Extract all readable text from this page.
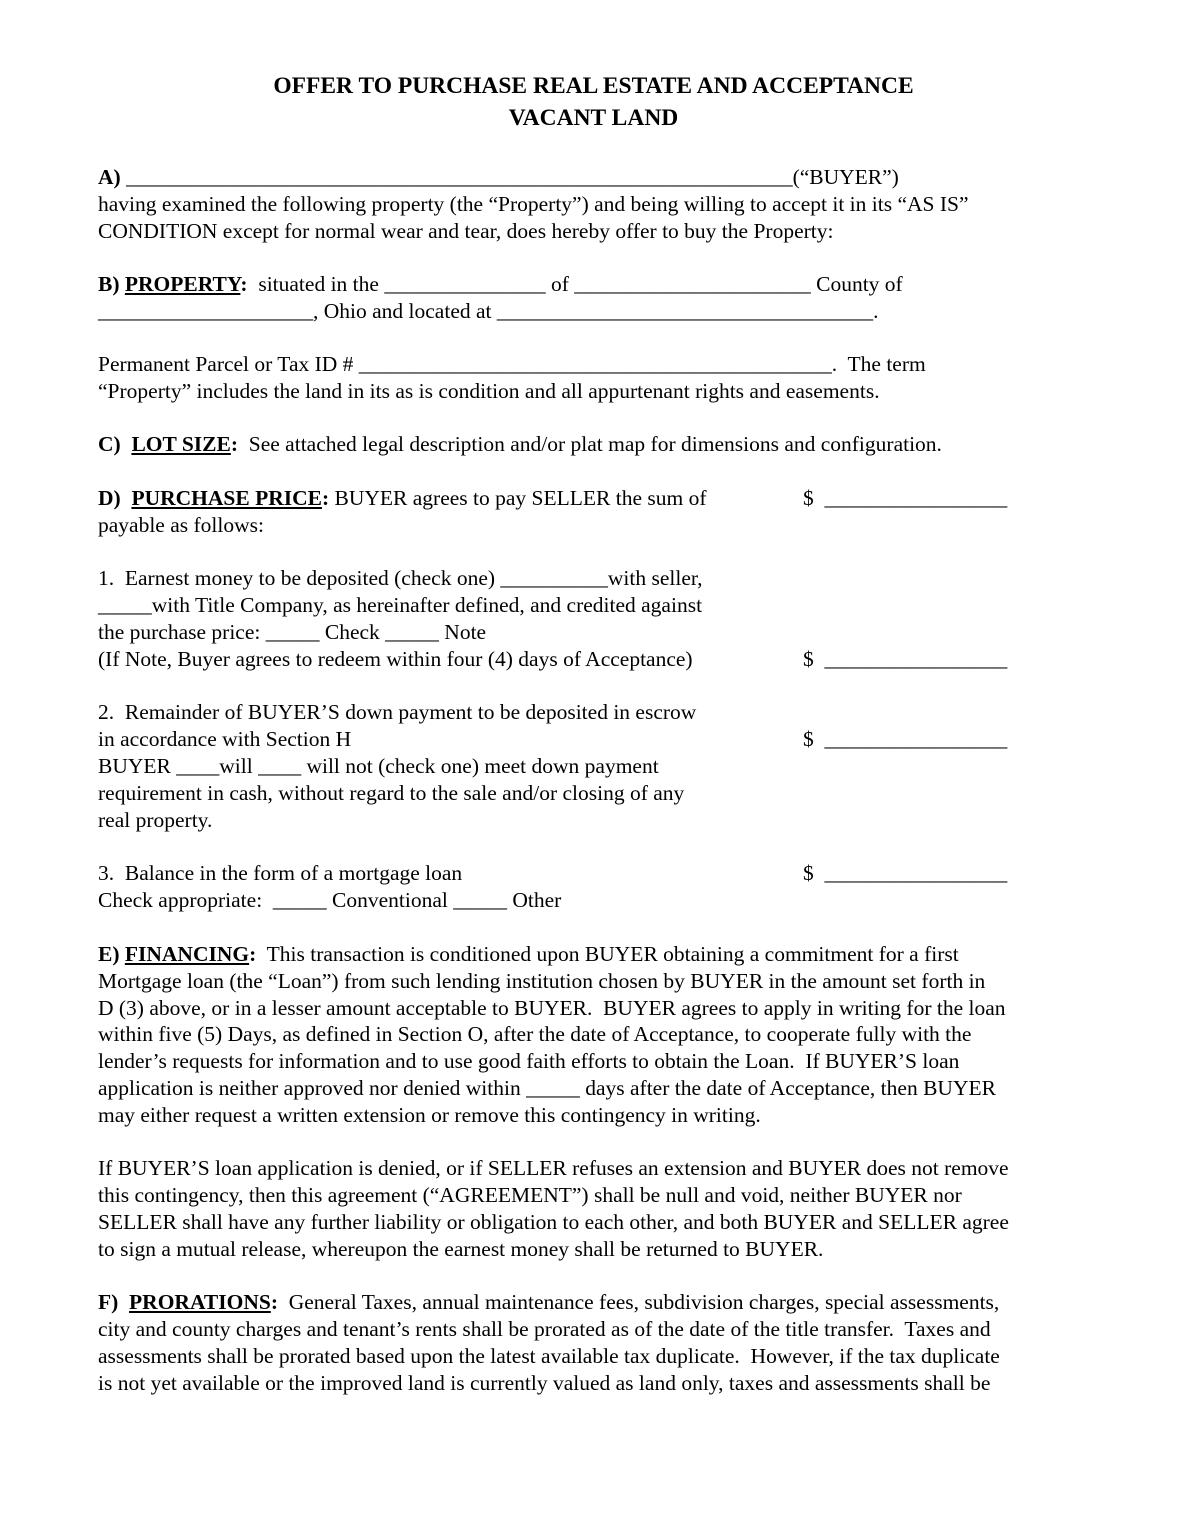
OFFER TO PURCHASE REAL ESTATE AND ACCEPTANCE
VACANT LAND
A) ______________________________________________________________(“BUYER”)
having examined the following property (the “Property”) and being willing to accept it in its “AS IS”
CONDITION except for normal wear and tear, does hereby offer to buy the Property:
B) PROPERTY:  situated in the _______________ of ______________________ County of
____________________, Ohio and located at ___________________________________.
Permanent Parcel or Tax ID # ____________________________________________.  The term
“Property” includes the land in its as is condition and all appurtenant rights and easements.
C) LOT SIZE:  See attached legal description and/or plat map for dimensions and configuration.
D) PURCHASE PRICE: BUYER agrees to pay SELLER the sum of	$  _________________
payable as follows:
1.  Earnest money to be deposited (check one) __________with seller,
_____with Title Company, as hereinafter defined, and credited against
the purchase price: _____ Check _____ Note
(If Note, Buyer agrees to redeem within four (4) days of Acceptance)	$  _________________
2.  Remainder of BUYER’S down payment to be deposited in escrow
in accordance with Section H	$  _________________
BUYER ____will ____ will not (check one) meet down payment
requirement in cash, without regard to the sale and/or closing of any
real property.
3.  Balance in the form of a mortgage loan	$  _________________
Check appropriate:  _____ Conventional _____ Other
E) FINANCING:  This transaction is conditioned upon BUYER obtaining a commitment for a first
Mortgage loan (the “Loan”) from such lending institution chosen by BUYER in the amount set forth in
D (3) above, or in a lesser amount acceptable to BUYER.  BUYER agrees to apply in writing for the loan
within five (5) Days, as defined in Section O, after the date of Acceptance, to cooperate fully with the
lender’s requests for information and to use good faith efforts to obtain the Loan.  If BUYER’S loan
application is neither approved nor denied within _____ days after the date of Acceptance, then BUYER
may either request a written extension or remove this contingency in writing.
If BUYER’S loan application is denied, or if SELLER refuses an extension and BUYER does not remove
this contingency, then this agreement (“AGREEMENT”) shall be null and void, neither BUYER nor
SELLER shall have any further liability or obligation to each other, and both BUYER and SELLER agree
to sign a mutual release, whereupon the earnest money shall be returned to BUYER.
F) PRORATIONS:  General Taxes, annual maintenance fees, subdivision charges, special assessments,
city and county charges and tenant’s rents shall be prorated as of the date of the title transfer.  Taxes and
assessments shall be prorated based upon the latest available tax duplicate.  However, if the tax duplicate
is not yet available or the improved land is currently valued as land only, taxes and assessments shall be
